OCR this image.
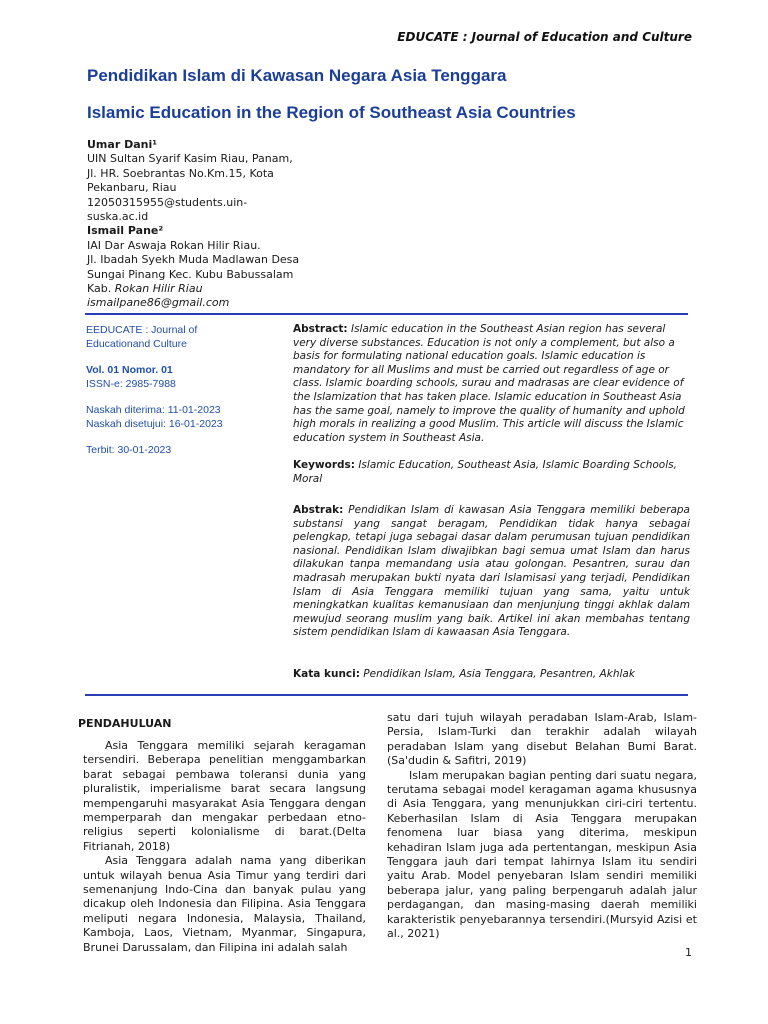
EDUCATE : Journal of Education and Culture
Pendidikan Islam di Kawasan Negara Asia Tenggara
Islamic Education in the Region of Southeast Asia Countries
Umar Dani¹
UIN Sultan Syarif Kasim Riau, Panam,
Jl. HR. Soebrantas No.Km.15, Kota
Pekanbaru, Riau
12050315955@students.uin-
suska.ac.id
Ismail Pane²
IAI Dar Aswaja Rokan Hilir Riau.
Jl. Ibadah Syekh Muda Madlawan Desa
Sungai Pinang Kec. Kubu Babussalam
Kab. Rokan Hilir Riau
ismailpane86@gmail.com
EEDUCATE : Journal of
Educationand Culture
Vol. 01 Nomor. 01
ISSN-e: 2985-7988
Naskah diterima: 11-01-2023
Naskah disetujui: 16-01-2023
Terbit: 30-01-2023
Abstract: Islamic education in the Southeast Asian region has several very diverse substances. Education is not only a complement, but also a basis for formulating national education goals. Islamic education is mandatory for all Muslims and must be carried out regardless of age or class. Islamic boarding schools, surau and madrasas are clear evidence of the Islamization that has taken place. Islamic education in Southeast Asia has the same goal, namely to improve the quality of humanity and uphold high morals in realizing a good Muslim. This article will discuss the Islamic education system in Southeast Asia.
Keywords: Islamic Education, Southeast Asia, Islamic Boarding Schools, Moral
Abstrak: Pendidikan Islam di kawasan Asia Tenggara memiliki beberapa substansi yang sangat beragam, Pendidikan tidak hanya sebagai pelengkap, tetapi juga sebagai dasar dalam perumusan tujuan pendidikan nasional. Pendidikan Islam diwajibkan bagi semua umat Islam dan harus dilakukan tanpa memandang usia atau golongan. Pesantren, surau dan madrasah merupakan bukti nyata dari Islamisasi yang terjadi, Pendidikan Islam di Asia Tenggara memiliki tujuan yang sama, yaitu untuk meningkatkan kualitas kemanusiaan dan menjunjung tinggi akhlak dalam mewujud seorang muslim yang baik. Artikel ini akan membahas tentang sistem pendidikan Islam di kawaasan Asia Tenggara.
Kata kunci: Pendidikan Islam, Asia Tenggara, Pesantren, Akhlak
PENDAHULUAN

Asia Tenggara memiliki sejarah keragaman tersendiri. Beberapa penelitian menggambarkan barat sebagai pembawa toleransi dunia yang pluralistik, imperialisme barat secara langsung mempengaruhi masyarakat Asia Tenggara dengan memperparah dan mengakar perbedaan etno-religius seperti kolonialisme di barat.(Delta Fitrianah, 2018)

Asia Tenggara adalah nama yang diberikan untuk wilayah benua Asia Timur yang terdiri dari semenanjung Indo-Cina dan banyak pulau yang dicakup oleh Indonesia dan Filipina. Asia Tenggara meliputi negara Indonesia, Malaysia, Thailand, Kamboja, Laos, Vietnam, Myanmar, Singapura, Brunei Darussalam, dan Filipina ini adalah salah

satu dari tujuh wilayah peradaban Islam-Arab, Islam-Persia, Islam-Turki dan terakhir adalah wilayah peradaban Islam yang disebut Belahan Bumi Barat. (Sa'dudin & Safitri, 2019)

Islam merupakan bagian penting dari suatu negara, terutama sebagai model keragaman agama khususnya di Asia Tenggara, yang menunjukkan ciri-ciri tertentu. Keberhasilan Islam di Asia Tenggara merupakan fenomena luar biasa yang diterima, meskipun kehadiran Islam juga ada pertentangan, meskipun Asia Tenggara jauh dari tempat lahirnya Islam itu sendiri yaitu Arab. Model penyebaran Islam sendiri memiliki beberapa jalur, yang paling berpengaruh adalah jalur perdagangan, dan masing-masing daerah memiliki karakteristik penyebarannya tersendiri.(Mursyid Azisi et al., 2021)

1
